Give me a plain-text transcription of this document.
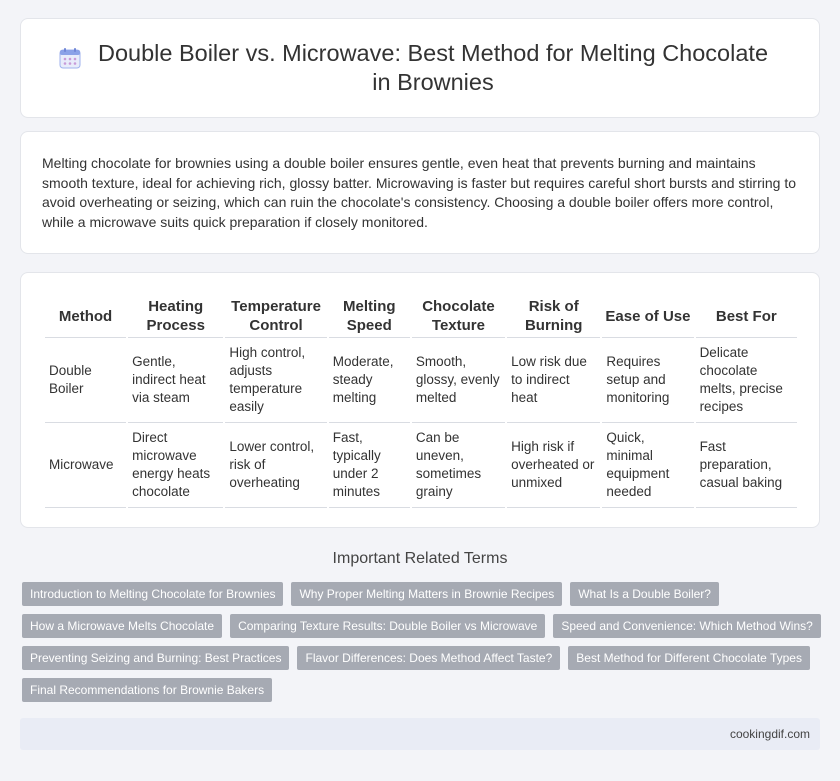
Double Boiler vs. Microwave: Best Method for Melting Chocolate in Brownies

Melting chocolate for brownies using a double boiler ensures gentle, even heat that prevents burning and maintains smooth texture, ideal for achieving rich, glossy batter. Microwaving is faster but requires careful short bursts and stirring to avoid overheating or seizing, which can ruin the chocolate's consistency. Choosing a double boiler offers more control, while a microwave suits quick preparation if closely monitored.

Method	Heating Process	Temperature Control	Melting Speed	Chocolate Texture	Risk of Burning	Ease of Use	Best For
Double Boiler	Gentle, indirect heat via steam	High control, adjusts temperature easily	Moderate, steady melting	Smooth, glossy, evenly melted	Low risk due to indirect heat	Requires setup and monitoring	Delicate chocolate melts, precise recipes
Microwave	Direct microwave energy heats chocolate	Lower control, risk of overheating	Fast, typically under 2 minutes	Can be uneven, sometimes grainy	High risk if overheated or unmixed	Quick, minimal equipment needed	Fast preparation, casual baking
Important Related Terms
Introduction to Melting Chocolate for Brownies	Why Proper Melting Matters in Brownie Recipes	What Is a Double Boiler?
How a Microwave Melts Chocolate	Comparing Texture Results: Double Boiler vs Microwave	Speed and Convenience: Which Method Wins?
Preventing Seizing and Burning: Best Practices	Flavor Differences: Does Method Affect Taste?	Best Method for Different Chocolate Types
Final Recommendations for Brownie Bakers
cookingdif.com
